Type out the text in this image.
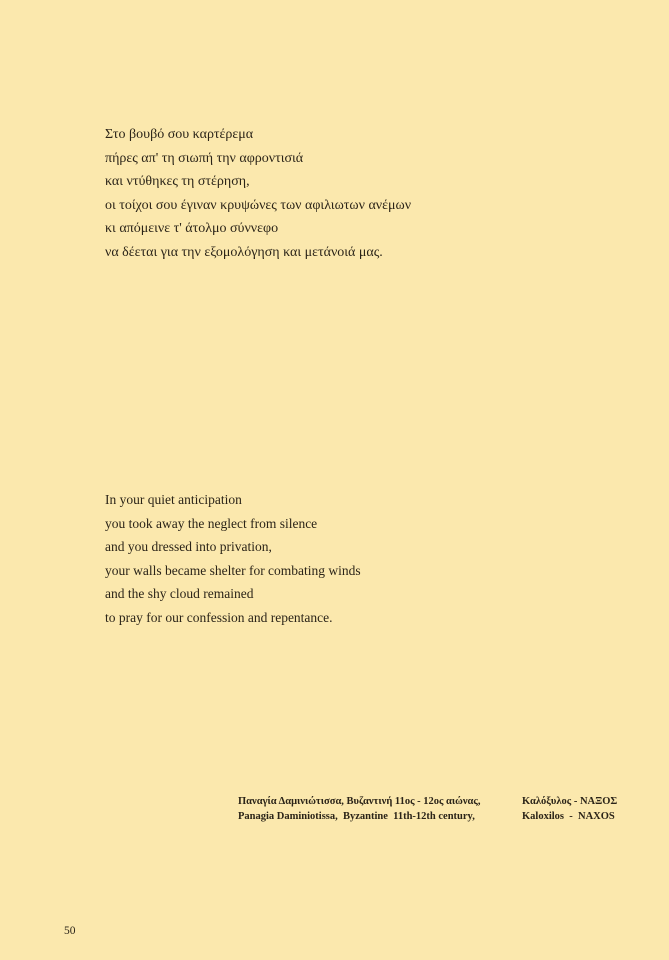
Στο βουβό σου καρτέρεμα
πήρες απ' τη σιωπή την αφροντισιά
και ντύθηκες τη στέρηση,
οι τοίχοι σου έγιναν κρυψώνες των αφιλιωτων ανέμων
κι απόμεινε τ' άτολμο σύννεφο
να δέεται για την εξομολόγηση και μετάνοιά μας.
In your quiet anticipation
you took away the neglect from silence
and you dressed into privation,
your walls became shelter for combating winds
and the shy cloud remained
to pray for our confession and repentance.
Παναγία Δαμινιώτισσα, Βυζαντινή 11ος - 12ος αιώνας,	Καλόξυλος - ΝΑΞΟΣ
Panagia Daminiotissa,  Byzantine  11th-12th century,	Kaloxilos  -  NAXOS
50
